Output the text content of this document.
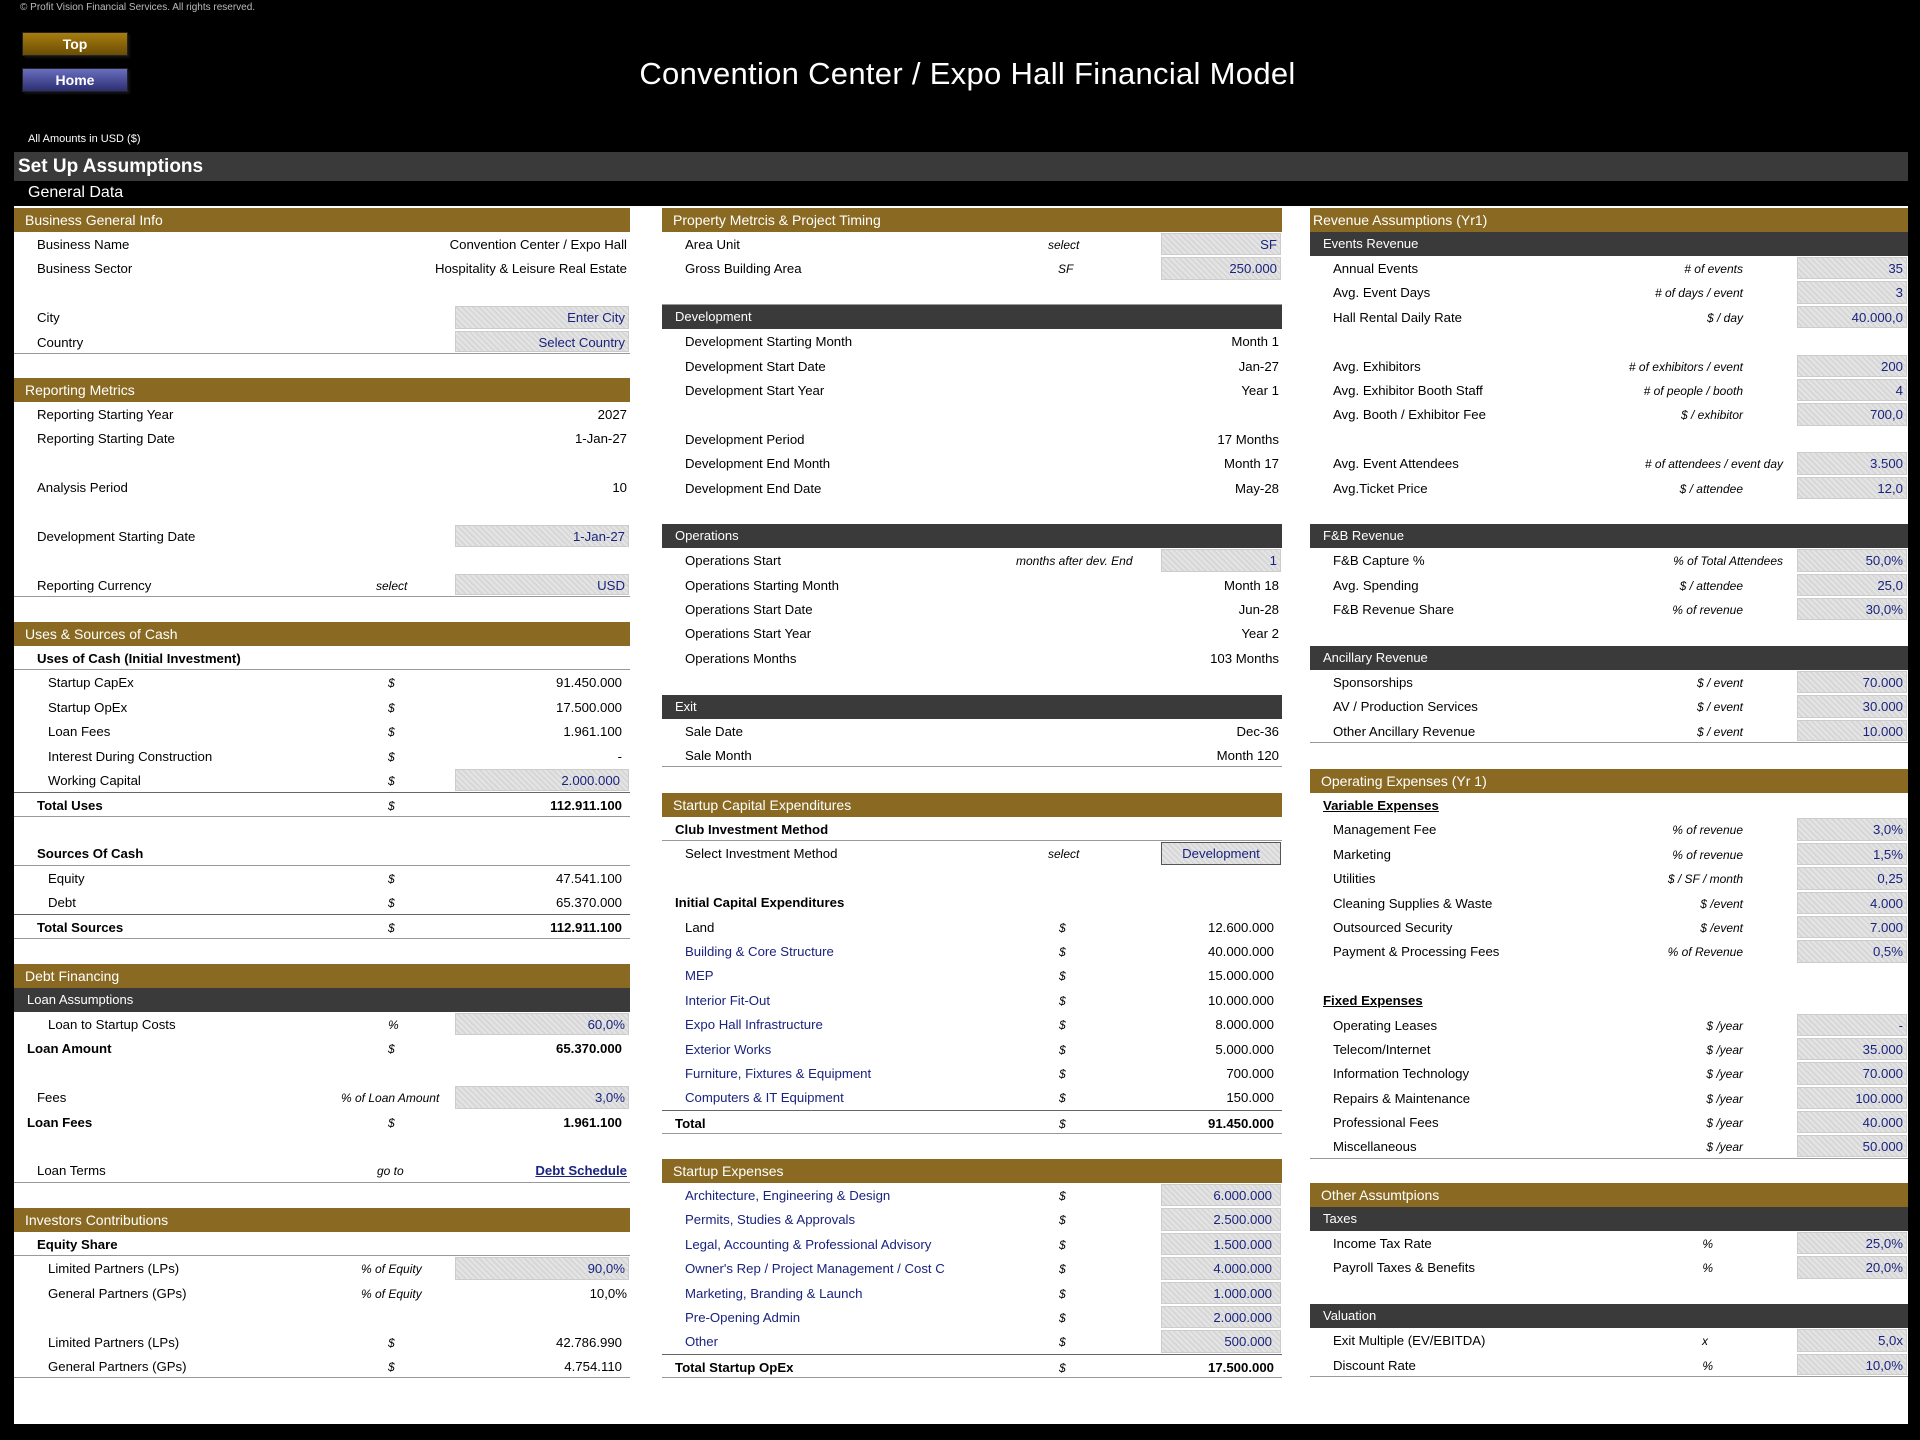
© Profit Vision Financial Services. All rights reserved.
Top
Home	Convention Center / Expo Hall Financial Model
All Amounts in USD ($)
Set Up Assumptions
General Data
Business General Info
Business Name	Convention Center / Expo Hall
Business Sector	Hospitality & Leisure Real Estate
City	Enter City
Country	Select Country
Reporting Metrics
Reporting Starting Year	2027
Reporting Starting Date	1-Jan-27
Analysis Period	10
Development Starting Date	1-Jan-27
Reporting Currency	select	USD
Uses & Sources of Cash
Uses of Cash (Initial Investment)
Startup CapEx	$	91.450.000
Startup OpEx	$	17.500.000
Loan Fees	$	1.961.100
Interest During Construction	$	-
Working Capital	$	2.000.000
Total Uses	$	112.911.100
Sources Of Cash
Equity	$	47.541.100
Debt	$	65.370.000
Total Sources	$	112.911.100
Debt Financing
Loan Assumptions
Loan to Startup Costs	%	60,0%
Loan Amount	$	65.370.000
Fees	% of Loan Amount	3,0%
Loan Fees	$	1.961.100
Loan Terms	go to	Debt Schedule
Investors Contributions
Equity Share
Limited Partners (LPs)	% of Equity	90,0%
General Partners (GPs)	% of Equity	10,0%
Limited Partners (LPs)	$	42.786.990
General Partners (GPs)	$	4.754.110
Property Metrcis & Project Timing
Area Unit	select	SF
Gross Building Area	SF	250.000
Development
Development Starting Month	Month 1
Development Start Date	Jan-27
Development Start Year	Year 1
Development Period	17 Months
Development End Month	Month 17
Development End Date	May-28
Operations
Operations Start	months after dev. End	1
Operations Starting Month	Month 18
Operations Start Date	Jun-28
Operations Start Year	Year 2
Operations Months	103 Months
Exit
Sale Date	Dec-36
Sale Month	Month 120
Startup Capital Expenditures
Club Investment Method
Select Investment Method	select	Development
Initial Capital Expenditures
Land	$	12.600.000
Building & Core Structure	$	40.000.000
MEP	$	15.000.000
Interior Fit-Out	$	10.000.000
Expo Hall Infrastructure	$	8.000.000
Exterior Works	$	5.000.000
Furniture, Fixtures & Equipment	$	700.000
Computers & IT Equipment	$	150.000
Total	$	91.450.000
Startup Expenses
Architecture, Engineering & Design	$	6.000.000
Permits, Studies & Approvals	$	2.500.000
Legal, Accounting & Professional Advisory	$	1.500.000
Owner's Rep / Project Management / Cost C	$	4.000.000
Marketing, Branding & Launch	$	1.000.000
Pre-Opening Admin	$	2.000.000
Other	$	500.000
Total Startup OpEx	$	17.500.000
Revenue Assumptions (Yr1)
Events Revenue
Annual Events	# of events	35
Avg. Event Days	# of days / event	3
Hall Rental Daily Rate	$ / day	40.000,0
Avg. Exhibitors	# of exhibitors / event	200
Avg. Exhibitor Booth Staff	# of people / booth	4
Avg. Booth / Exhibitor Fee	$ / exhibitor	700,0
Avg. Event Attendees	# of attendees / event day	3.500
Avg.Ticket Price	$ / attendee	12,0
F&B Revenue
F&B Capture %	% of Total Attendees	50,0%
Avg. Spending	$ / attendee	25,0
F&B Revenue Share	% of revenue	30,0%
Ancillary Revenue
Sponsorships	$ / event	70.000
AV / Production Services	$ / event	30.000
Other Ancillary Revenue	$ / event	10.000
Operating Expenses (Yr 1)
Variable Expenses
Management Fee	% of revenue	3,0%
Marketing	% of revenue	1,5%
Utilities	$ / SF / month	0,25
Cleaning Supplies & Waste	$ /event	4.000
Outsourced Security	$ /event	7.000
Payment & Processing Fees	% of Revenue	0,5%
Fixed Expenses
Operating Leases	$ /year	-
Telecom/Internet	$ /year	35.000
Information Technology	$ /year	70.000
Repairs & Maintenance	$ /year	100.000
Professional Fees	$ /year	40.000
Miscellaneous	$ /year	50.000
Other Assumtpions
Taxes
Income Tax Rate	%	25,0%
Payroll Taxes & Benefits	%	20,0%
Valuation
Exit Multiple (EV/EBITDA)	x	5,0x
Discount Rate	%	10,0%
